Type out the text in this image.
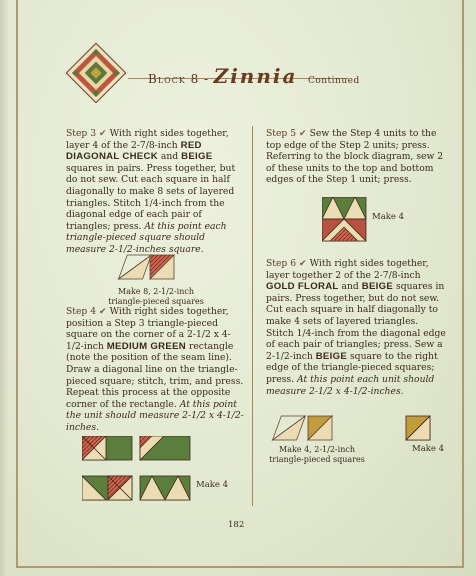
Block 8 - Zinnia Continued
Step 3 ✔ With right sides together, layer 4 of the 2-7/8-inch RED DIAGONAL CHECK and BEIGE squares in pairs. Press together, but do not sew. Cut each square in half diagonally to make 8 sets of layered triangles. Stitch 1/4-inch from the diagonal edge of each pair of triangles; press. At this point each triangle-pieced square should measure 2-1/2-inches square.
Make 8, 2-1/2-inch
triangle-pieced squares
Step 4 ✔ With right sides together, position a Step 3 triangle-pieced square on the corner of a 2-1/2 x 4-1/2-inch MEDIUM GREEN rectangle (note the position of the seam line). Draw a diagonal line on the triangle-pieced square; stitch, trim, and press. Repeat this process at the opposite corner of the rectangle. At this point the unit should measure 2-1/2 x 4-1/2-inches.
Make 4
Step 5 ✔ Sew the Step 4 units to the top edge of the Step 2 units; press. Referring to the block diagram, sew 2 of these units to the top and bottom edges of the Step 1 unit; press.
Make 4
Step 6 ✔ With right sides together, layer together 2 of the 2-7/8-inch GOLD FLORAL and BEIGE squares in pairs. Press together, but do not sew. Cut each square in half diagonally to make 4 sets of layered triangles. Stitch 1/4-inch from the diagonal edge of each pair of triangles; press. Sew a 2-1/2-inch BEIGE square to the right edge of the triangle-pieced squares; press. At this point each unit should measure 2-1/2 x 4-1/2-inches.
Make 4, 2-1/2-inch
triangle-pieced squares
Make 4
182
